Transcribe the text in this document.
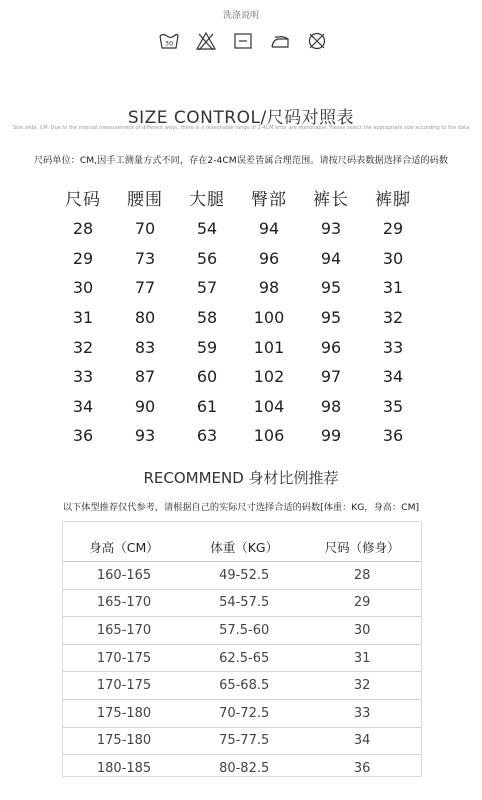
洗涤说明
30
SIZE CONTROL/尺码对照表
Size wide, CM. Due to the manual measurement of different ways, there is a reasonable range of 2-4CM error are reasonable. Please select the appropriate size according to the data
尺码单位：CM,因手工测量方式不同，存在2-4CM误差皆属合理范围。请按尺码表数据选择合适的码数
尺码	腰围	大腿	臀部	裤长	裤脚
28	70	54	94	93	29
29	73	56	96	94	30
30	77	57	98	95	31
31	80	58	100	95	32
32	83	59	101	96	33
33	87	60	102	97	34
34	90	61	104	98	35
36	93	63	106	99	36
RECOMMEND 身材比例推荐
以下体型推荐仅代参考，请根据自己的实际尺寸选择合适的码数[体重：KG，身高：CM]
身高（CM）	体重（KG）	尺码（修身）
160-165	49-52.5	28
165-170	54-57.5	29
165-170	57.5-60	30
170-175	62.5-65	31
170-175	65-68.5	32
175-180	70-72.5	33
175-180	75-77.5	34
180-185	80-82.5	36
